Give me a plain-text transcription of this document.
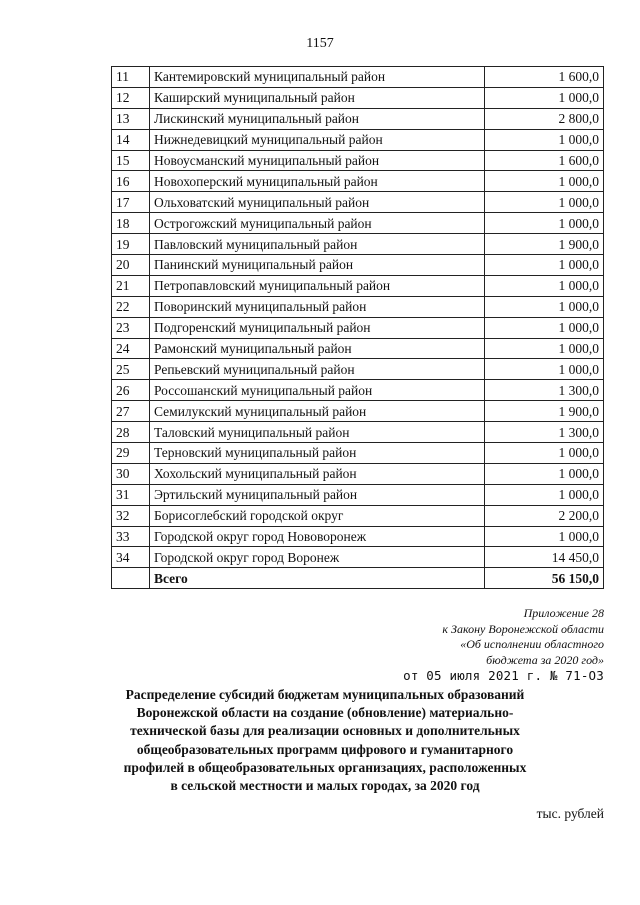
1157
11	Кантемировский муниципальный район	1 600,0
12	Каширский муниципальный район	1 000,0
13	Лискинский муниципальный район	2 800,0
14	Нижнедевицкий муниципальный район	1 000,0
15	Новоусманский муниципальный район	1 600,0
16	Новохоперский муниципальный район	1 000,0
17	Ольховатский муниципальный район	1 000,0
18	Острогожский муниципальный район	1 000,0
19	Павловский муниципальный район	1 900,0
20	Панинский муниципальный район	1 000,0
21	Петропавловский муниципальный район	1 000,0
22	Поворинский муниципальный район	1 000,0
23	Подгоренский муниципальный район	1 000,0
24	Рамонский муниципальный район	1 000,0
25	Репьевский муниципальный район	1 000,0
26	Россошанский муниципальный район	1 300,0
27	Семилукский муниципальный район	1 900,0
28	Таловский муниципальный район	1 300,0
29	Терновский муниципальный район	1 000,0
30	Хохольский муниципальный район	1 000,0
31	Эртильский муниципальный район	1 000,0
32	Борисоглебский городской округ	2 200,0
33	Городской округ город Нововоронеж	1 000,0
34	Городской округ город Воронеж	14 450,0
	Всего	56 150,0
Приложение 28
к Закону Воронежской области
«Об исполнении областного
бюджета за 2020 год»
от 05 июля 2021 г. № 71-ОЗ
Распределение субсидий бюджетам муниципальных образований
Воронежской области на создание (обновление) материально-
технической базы для реализации основных и дополнительных
общеобразовательных программ цифрового и гуманитарного
профилей в общеобразовательных организациях, расположенных
в сельской местности и малых городах, за 2020 год
тыс. рублей
